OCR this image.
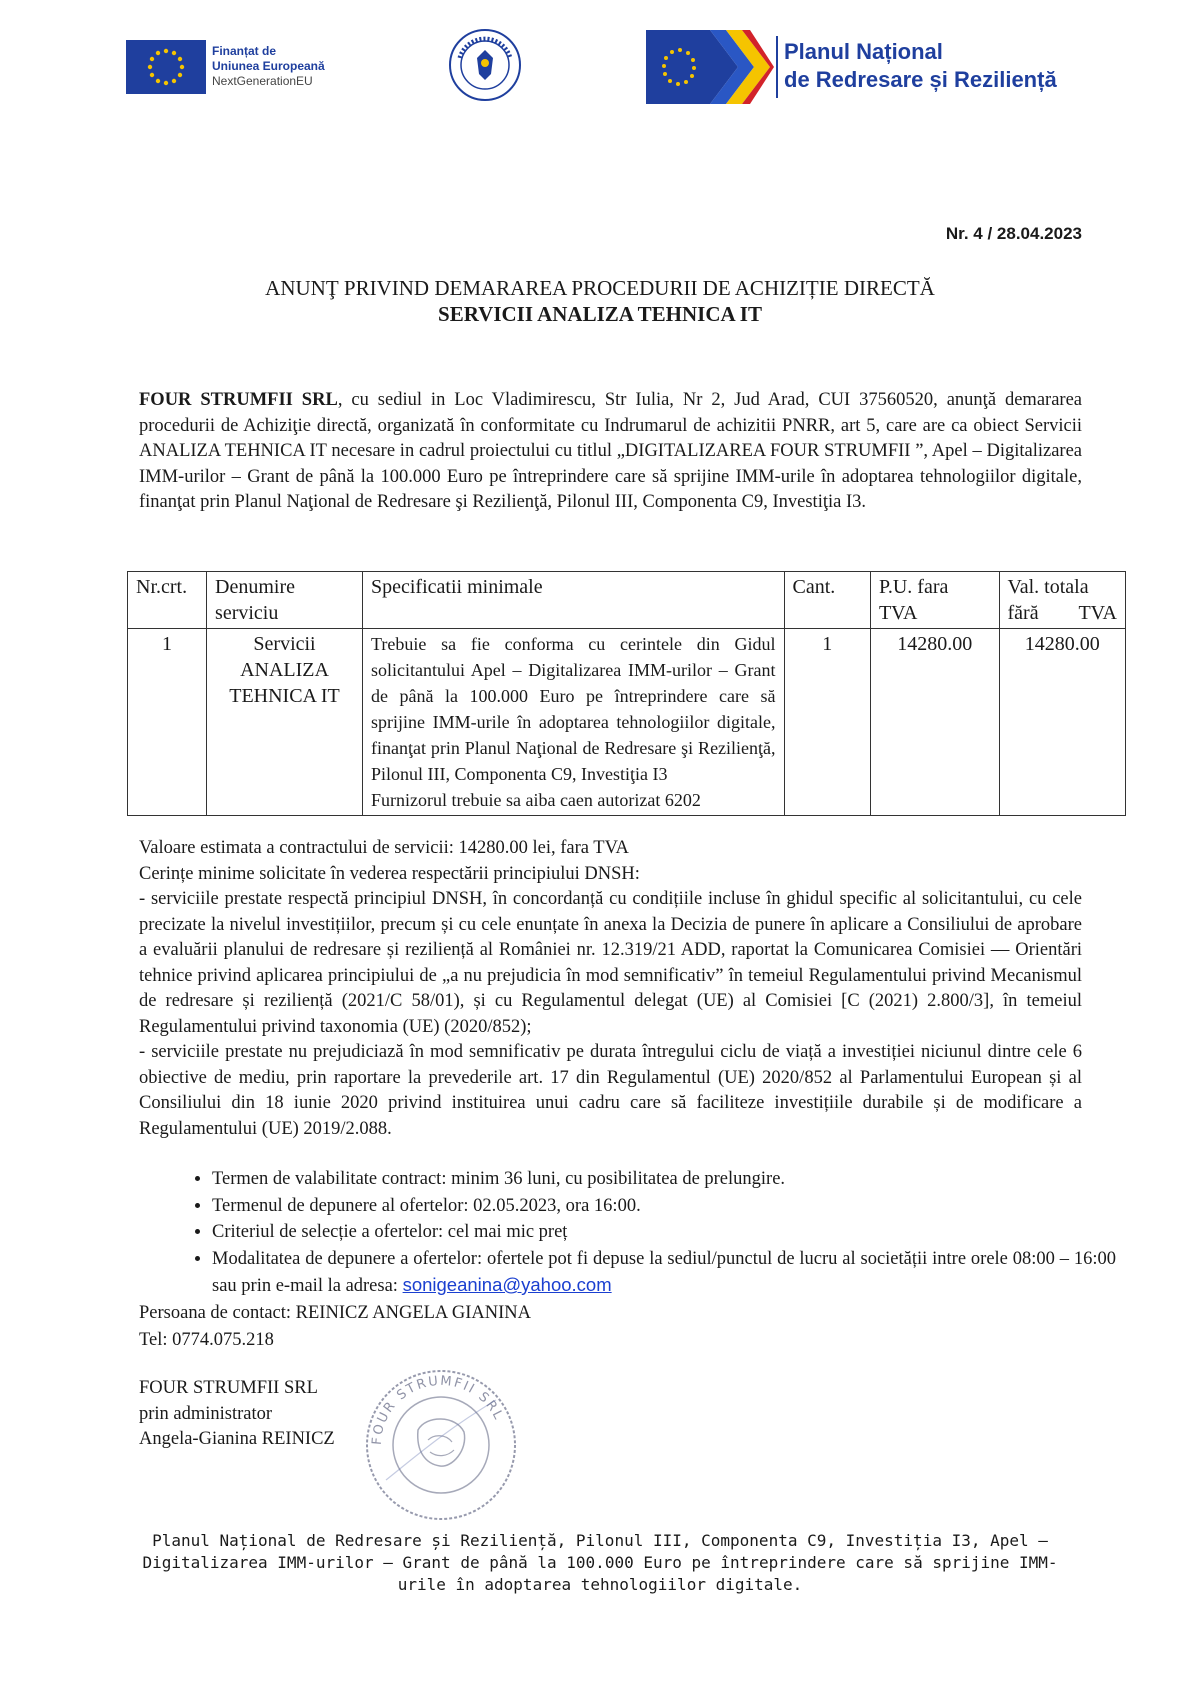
Finanțat de
Uniunea Europeană
NextGenerationEU
Planul Național
de Redresare și Reziliență
Nr. 4 / 28.04.2023
ANUNŢ PRIVIND DEMARAREA PROCEDURII DE ACHIZIȚIE DIRECTĂ
SERVICII ANALIZA TEHNICA IT
FOUR STRUMFII SRL, cu sediul in Loc Vladimirescu, Str Iulia, Nr 2, Jud Arad, CUI 37560520, anunţă demararea procedurii de Achiziţie directă, organizată în conformitate cu Indrumarul de achizitii PNRR, art 5, care are ca obiect Servicii ANALIZA TEHNICA IT necesare in cadrul proiectului cu titlul „DIGITALIZAREA FOUR STRUMFII ”, Apel – Digitalizarea IMM-urilor – Grant de până la 100.000 Euro pe întreprindere care să sprijine IMM-urile în adoptarea tehnologiilor digitale, finanţat prin Planul Naţional de Redresare şi Rezilienţă, Pilonul III, Componenta C9, Investiţia I3.
Nr.crt.	Denumire serviciu	Specificatii minimale	Cant.	P.U. fara TVA	Val. totala fără TVA
1	Servicii ANALIZA TEHNICA IT	Trebuie sa fie conforma cu cerintele din Gidul solicitantului Apel – Digitalizarea IMM-urilor – Grant de până la 100.000 Euro pe întreprindere care să sprijine IMM-urile în adoptarea tehnologiilor digitale, finanţat prin Planul Naţional de Redresare şi Rezilienţă, Pilonul III, Componenta C9, Investiţia I3
Furnizorul trebuie sa aiba caen autorizat 6202	1	14280.00	14280.00

Valoare estimata a contractului de servicii: 14280.00 lei, fara TVA

Cerințe minime solicitate în vederea respectării principiului DNSH:

- serviciile prestate respectă principiul DNSH, în concordanță cu condițiile incluse în ghidul specific al solicitantului, cu cele precizate la nivelul investițiilor, precum și cu cele enunțate în anexa la Decizia de punere în aplicare a Consiliului de aprobare a evaluării planului de redresare și reziliență al României nr. 12.319/21 ADD, raportat la Comunicarea Comisiei — Orientări tehnice privind aplicarea principiului de „a nu prejudicia în mod semnificativ” în temeiul Regulamentului privind Mecanismul de redresare și reziliență (2021/C 58/01), și cu Regulamentul delegat (UE) al Comisiei [C (2021) 2.800/3], în temeiul Regulamentului privind taxonomia (UE) (2020/852);

- serviciile prestate nu prejudiciază în mod semnificativ pe durata întregului ciclu de viață a investiției niciunul dintre cele 6 obiective de mediu, prin raportare la prevederile art. 17 din Regulamentul (UE) 2020/852 al Parlamentului European și al Consiliului din 18 iunie 2020 privind instituirea unui cadru care să faciliteze investițiile durabile și de modificare a Regulamentului (UE) 2019/2.088.

• Termen de valabilitate contract: minim 36 luni, cu posibilitatea de prelungire.
• Termenul de depunere al ofertelor: 02.05.2023, ora 16:00.
• Criteriul de selecție a ofertelor: cel mai mic preț
• Modalitatea de depunere a ofertelor: ofertele pot fi depuse la sediul/punctul de lucru al societății intre orele 08:00 – 16:00 sau prin e-mail la adresa: sonigeanina@yahoo.com
Persoana de contact: REINICZ ANGELA GIANINA
Tel: 0774.075.218
FOUR STRUMFII SRL
prin administrator
Angela-Gianina REINICZ	FOUR STRUMFII SRL
Planul Național de Redresare și Reziliență, Pilonul III, Componenta C9, Investiția I3, Apel – Digitalizarea IMM-urilor – Grant de până la 100.000 Euro pe întreprindere care să sprijine IMM-urile în adoptarea tehnologiilor digitale.
